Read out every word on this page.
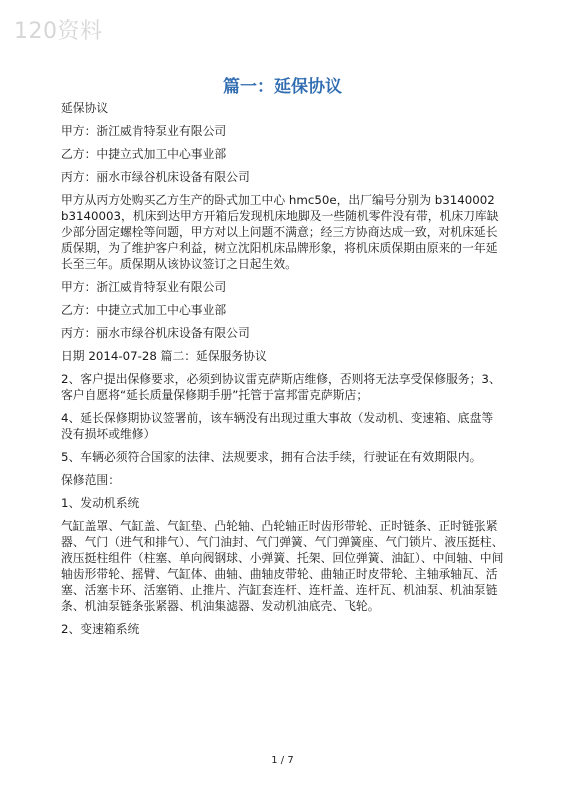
120资料
篇一：延保协议

延保协议

甲方：浙江威肯特泵业有限公司

乙方：中捷立式加工中心事业部

丙方：丽水市绿谷机床设备有限公司

甲方从丙方处购买乙方生产的卧式加工中心 hmc50e，出厂编号分别为 b3140002 b3140003，机床到达甲方开箱后发现机床地脚及一些随机零件没有带，机床刀库缺少部分固定螺栓等问题，甲方对以上问题不满意；经三方协商达成一致，对机床延长质保期，为了维护客户利益，树立沈阳机床品牌形象，将机床质保期由原来的一年延长至三年。质保期从该协议签订之日起生效。

甲方：浙江威肯特泵业有限公司

乙方：中捷立式加工中心事业部

丙方：丽水市绿谷机床设备有限公司

日期 2014-07-28 篇二：延保服务协议

2、客户提出保修要求，必须到协议雷克萨斯店维修，否则将无法享受保修服务；3、客户自愿将“延长质量保修期手册”托管于富邦雷克萨斯店；

4、延长保修期协议签署前，该车辆没有出现过重大事故（发动机、变速箱、底盘等没有损坏或维修）

5、车辆必须符合国家的法律、法规要求，拥有合法手续，行驶证在有效期限内。

保修范围：

1、发动机系统

气缸盖罩、气缸盖、气缸垫、凸轮轴、凸轮轴正时齿形带轮、正时链条、正时链张紧器、气门（进气和排气）、气门油封、气门弹簧、气门弹簧座、气门锁片、液压挺柱、液压挺柱组件（柱塞、单向阀钢球、小弹簧、托架、回位弹簧、油缸）、中间轴、中间轴齿形带轮、摇臂、气缸体、曲轴、曲轴皮带轮、曲轴正时皮带轮、主轴承轴瓦、活塞、活塞卡环、活塞销、止推片、汽缸套连杆、连杆盖、连杆瓦、机油泵、机油泵链条、机油泵链条张紧器、机油集滤器、发动机油底壳、飞轮。

2、变速箱系统

1 / 7
